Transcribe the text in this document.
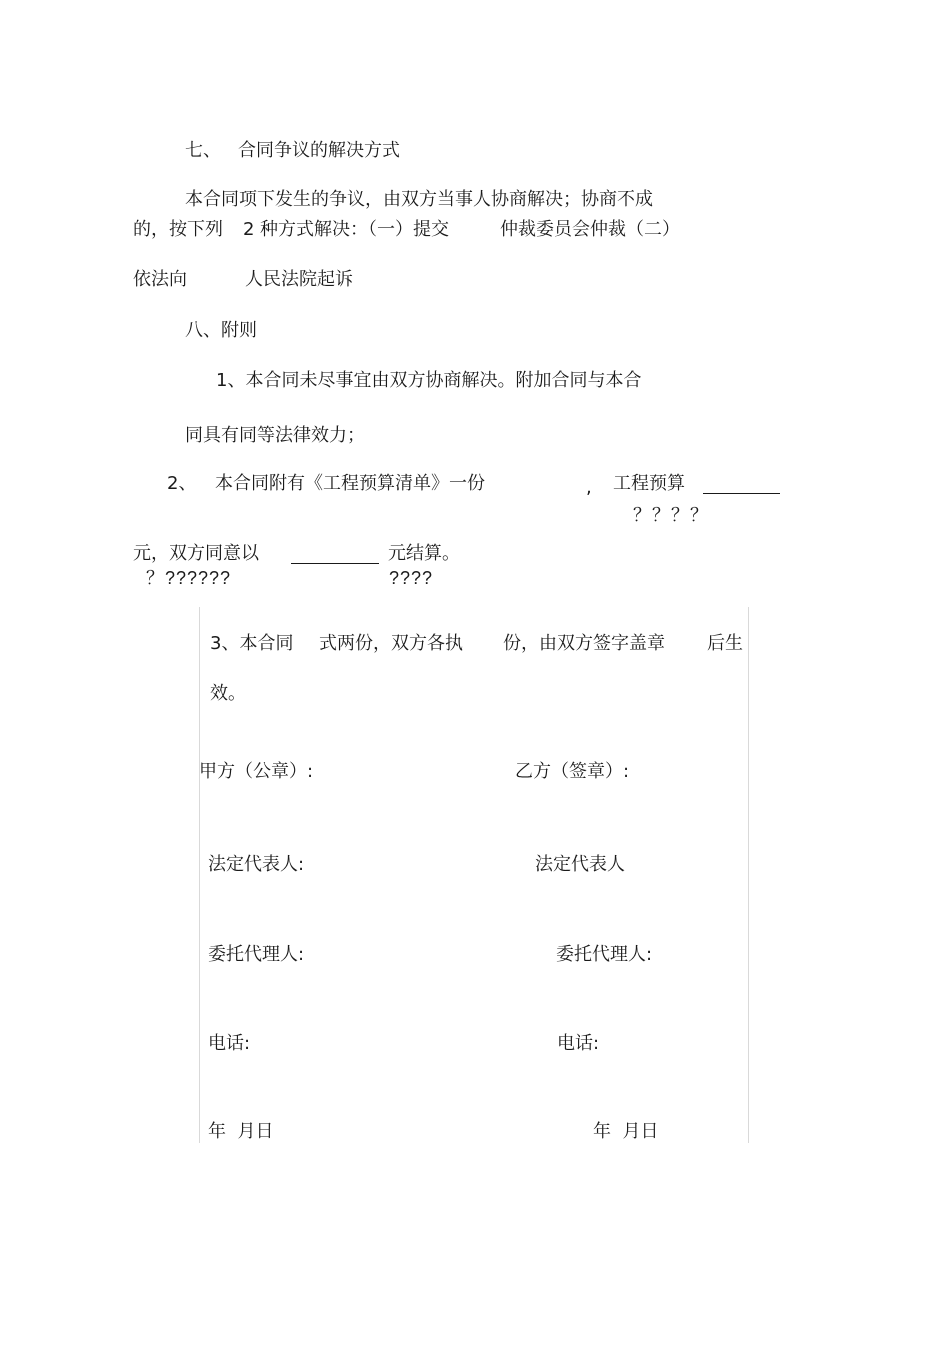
七、 合同争议的解决方式
本合同项下发生的争议，由双方当事人协商解决；协商不成
的，按下列 2 种方式解决：（一）提交	仲裁委员会仲裁（二）
依法向	人民法院起诉
八、附则
1、本合同未尽事宜由双方协商解决。附加合同与本合
同具有同等法律效力；
2、 本合同附有《工程预算清单》一份	, 工程预算
？？？？
元，双方同意以	元结算。
？??????	????
3、本合同 式两份，双方各执 份，由双方签字盖章 后生
效。
甲方（公章）:	乙方（签章）:
法定代表人:	法定代表人
委托代理人:	委托代理人:
电话:	电话:
年  月日	年  月日
